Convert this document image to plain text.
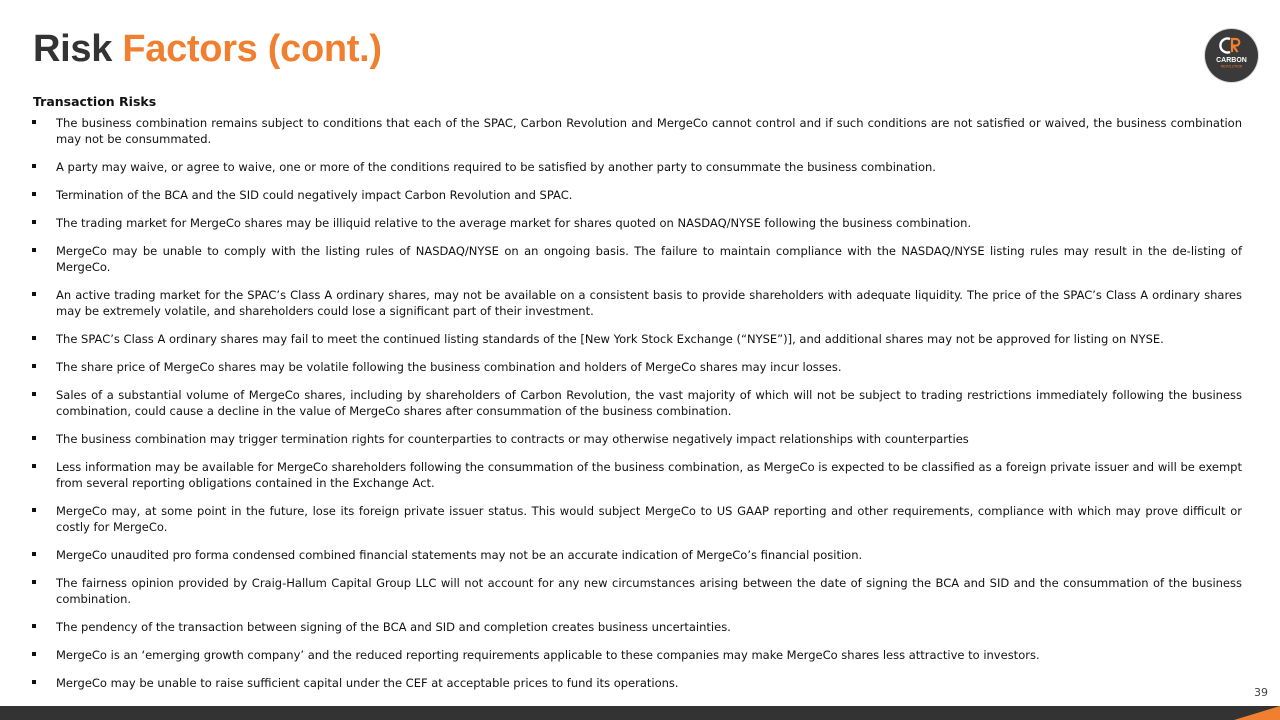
Risk Factors (cont.)	CARBON
REVOLUTION
Transaction Risks
The business combination remains subject to conditions that each of the SPAC, Carbon Revolution and MergeCo cannot control and if such conditions are not satisfied or waived, the business combination may not be consummated.
A party may waive, or agree to waive, one or more of the conditions required to be satisfied by another party to consummate the business combination.
Termination of the BCA and the SID could negatively impact Carbon Revolution and SPAC.
The trading market for MergeCo shares may be illiquid relative to the average market for shares quoted on NASDAQ/NYSE following the business combination.
MergeCo may be unable to comply with the listing rules of NASDAQ/NYSE on an ongoing basis. The failure to maintain compliance with the NASDAQ/NYSE listing rules may result in the de-listing of MergeCo.
An active trading market for the SPAC’s Class A ordinary shares, may not be available on a consistent basis to provide shareholders with adequate liquidity. The price of the SPAC’s Class A ordinary shares may be extremely volatile, and shareholders could lose a significant part of their investment.
The SPAC’s Class A ordinary shares may fail to meet the continued listing standards of the [New York Stock Exchange (“NYSE”)], and additional shares may not be approved for listing on NYSE.
The share price of MergeCo shares may be volatile following the business combination and holders of MergeCo shares may incur losses.
Sales of a substantial volume of MergeCo shares, including by shareholders of Carbon Revolution, the vast majority of which will not be subject to trading restrictions immediately following the business combination, could cause a decline in the value of MergeCo shares after consummation of the business combination.
The business combination may trigger termination rights for counterparties to contracts or may otherwise negatively impact relationships with counterparties
Less information may be available for MergeCo shareholders following the consummation of the business combination, as MergeCo is expected to be classified as a foreign private issuer and will be exempt from several reporting obligations contained in the Exchange Act.
MergeCo may, at some point in the future, lose its foreign private issuer status. This would subject MergeCo to US GAAP reporting and other requirements, compliance with which may prove difficult or costly for MergeCo.
MergeCo unaudited pro forma condensed combined financial statements may not be an accurate indication of MergeCo’s financial position.
The fairness opinion provided by Craig-Hallum Capital Group LLC will not account for any new circumstances arising between the date of signing the BCA and SID and the consummation of the business combination.
The pendency of the transaction between signing of the BCA and SID and completion creates business uncertainties.
MergeCo is an ‘emerging growth company’ and the reduced reporting requirements applicable to these companies may make MergeCo shares less attractive to investors.
MergeCo may be unable to raise sufficient capital under the CEF at acceptable prices to fund its operations.
39
